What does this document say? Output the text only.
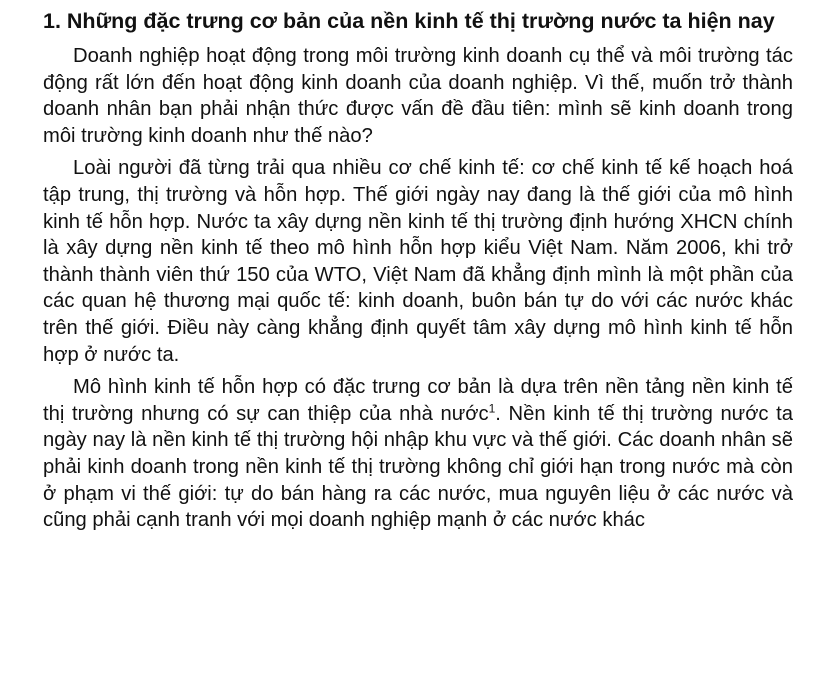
1. Những đặc trưng cơ bản của nền kinh tế thị trường nước ta hiện nay

Doanh nghiệp hoạt động trong môi trường kinh doanh cụ thể và môi trường tác động rất lớn đến hoạt động kinh doanh của doanh nghiệp. Vì thế, muốn trở thành doanh nhân bạn phải nhận thức được vấn đề đầu tiên: mình sẽ kinh doanh trong môi trường kinh doanh như thế nào?

Loài người đã từng trải qua nhiều cơ chế kinh tế: cơ chế kinh tế kế hoạch hoá tập trung, thị trường và hỗn hợp. Thế giới ngày nay đang là thế giới của mô hình kinh tế hỗn hợp. Nước ta xây dựng nền kinh tế thị trường định hướng XHCN chính là xây dựng nền kinh tế theo mô hình hỗn hợp kiểu Việt Nam. Năm 2006, khi trở thành thành viên thứ 150 của WTO, Việt Nam đã khẳng định mình là một phần của các quan hệ thương mại quốc tế: kinh doanh, buôn bán tự do với các nước khác trên thế giới. Điều này càng khẳng định quyết tâm xây dựng mô hình kinh tế hỗn hợp ở nước ta.

Mô hình kinh tế hỗn hợp có đặc trưng cơ bản là dựa trên nền tảng nền kinh tế thị trường nhưng có sự can thiệp của nhà nước$^1$. Nền kinh tế thị trường nước ta ngày nay là nền kinh tế thị trường hội nhập khu vực và thế giới. Các doanh nhân sẽ phải kinh doanh trong nền kinh tế thị trường không chỉ giới hạn trong nước mà còn ở phạm vi thế giới: tự do bán hàng ra các nước, mua nguyên liệu ở các nước và cũng phải cạnh tranh với mọi doanh nghiệp mạnh ở các nước khác
